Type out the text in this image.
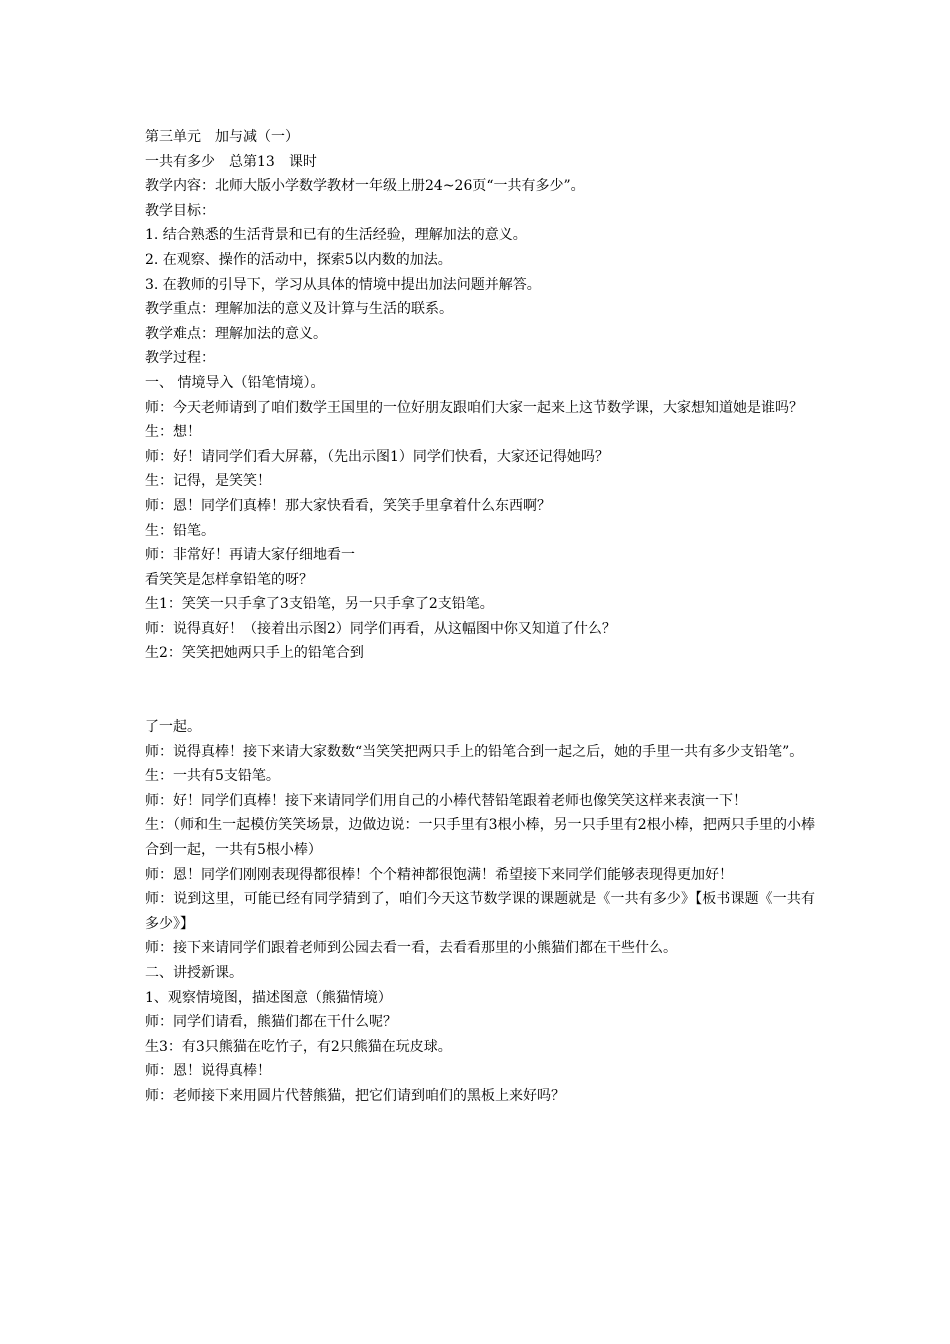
第三单元　加与减（一）

一共有多少　总第13　课时

教学内容：北师大版小学数学教材一年级上册24~26页“一共有多少”。

教学目标：

1. 结合熟悉的生活背景和已有的生活经验，理解加法的意义。

2. 在观察、操作的活动中，探索5以内数的加法。

3. 在教师的引导下，学习从具体的情境中提出加法问题并解答。

教学重点：理解加法的意义及计算与生活的联系。

教学难点：理解加法的意义。

教学过程：

一、 情境导入（铅笔情境）。

师：今天老师请到了咱们数学王国里的一位好朋友跟咱们大家一起来上这节数学课，大家想知道她是谁吗？

生：想！

师：好！请同学们看大屏幕，（先出示图1）同学们快看，大家还记得她吗？

生：记得，是笑笑！

师：恩！同学们真棒！那大家快看看，笑笑手里拿着什么东西啊？

生：铅笔。

师：非常好！再请大家仔细地看一

看笑笑是怎样拿铅笔的呀？

生1：笑笑一只手拿了3支铅笔，另一只手拿了2支铅笔。

师：说得真好！（接着出示图2）同学们再看，从这幅图中你又知道了什么？

生2：笑笑把她两只手上的铅笔合到

了一起。

师：说得真棒！接下来请大家数数“当笑笑把两只手上的铅笔合到一起之后，她的手里一共有多少支铅笔”。

生：一共有5支铅笔。

师：好！同学们真棒！接下来请同学们用自己的小棒代替铅笔跟着老师也像笑笑这样来表演一下！

生：（师和生一起模仿笑笑场景，边做边说：一只手里有3根小棒，另一只手里有2根小棒，把两只手里的小棒合到一起，一共有5根小棒）

师：恩！同学们刚刚表现得都很棒！个个精神都很饱满！希望接下来同学们能够表现得更加好！

师：说到这里，可能已经有同学猜到了，咱们今天这节数学课的课题就是《一共有多少》【板书课题《一共有多少》】

师：接下来请同学们跟着老师到公园去看一看，去看看那里的小熊猫们都在干些什么。

二、讲授新课。

1、观察情境图，描述图意（熊猫情境）

师：同学们请看，熊猫们都在干什么呢？

生3：有3只熊猫在吃竹子，有2只熊猫在玩皮球。

师：恩！说得真棒！

师：老师接下来用圆片代替熊猫，把它们请到咱们的黑板上来好吗？
